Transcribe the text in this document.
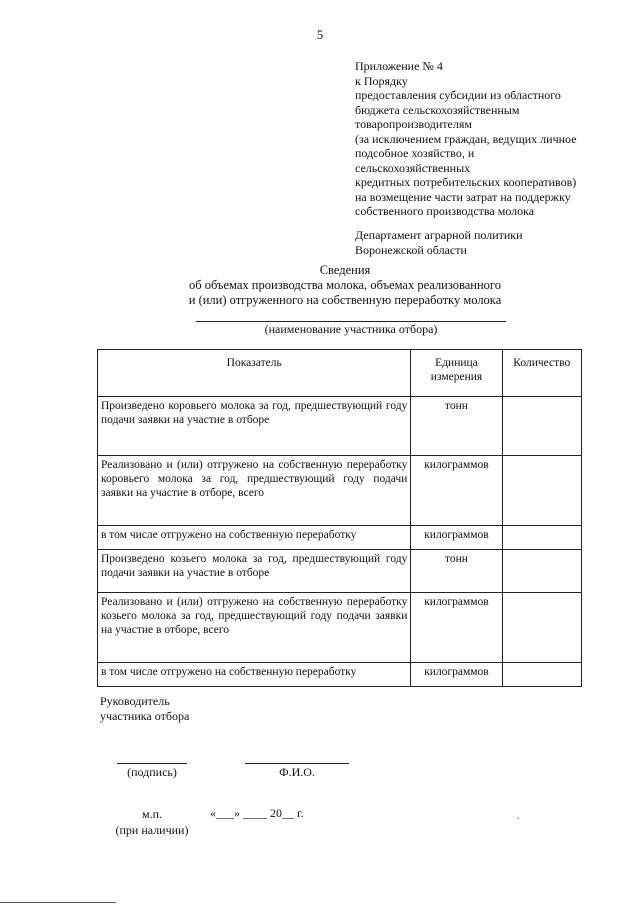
5
Приложение № 4
к Порядку
предоставления субсидии из областного
бюджета сельскохозяйственным
товаропроизводителям
(за исключением граждан, ведущих личное
подсобное хозяйство, и
сельскохозяйственных
кредитных потребительских кооперативов)
на возмещение части затрат на поддержку
собственного производства молока
Департамент аграрной политики
Воронежской области
Сведения
об объемах производства молока, объемах реализованного
и (или) отгруженного на собственную переработку молока
(наименование участника отбора)
Показатель	Единица измерения	Количество
Произведено коровьего молока за год, предшествующий году подачи заявки на участие в отборе	тонн	
Реализовано и (или) отгружено на собственную переработку коровьего молока за год, предшествующий году подачи заявки на участие в отборе, всего	килограммов	
в том числе отгружено на собственную переработку	килограммов	
Произведено козьего молока за год, предшествующий году подачи заявки на участие в отборе	тонн	
Реализовано и (или) отгружено на собственную переработку козьего молока за год, предшествующий году подачи заявки на участие в отборе, всего	килограммов	
в том числе отгружено на собственную переработку	килограммов	
Руководитель
участника отбора
(подпись)	Ф.И.О.
м.п.
(при наличии)
«___» ____ 20__ г.
